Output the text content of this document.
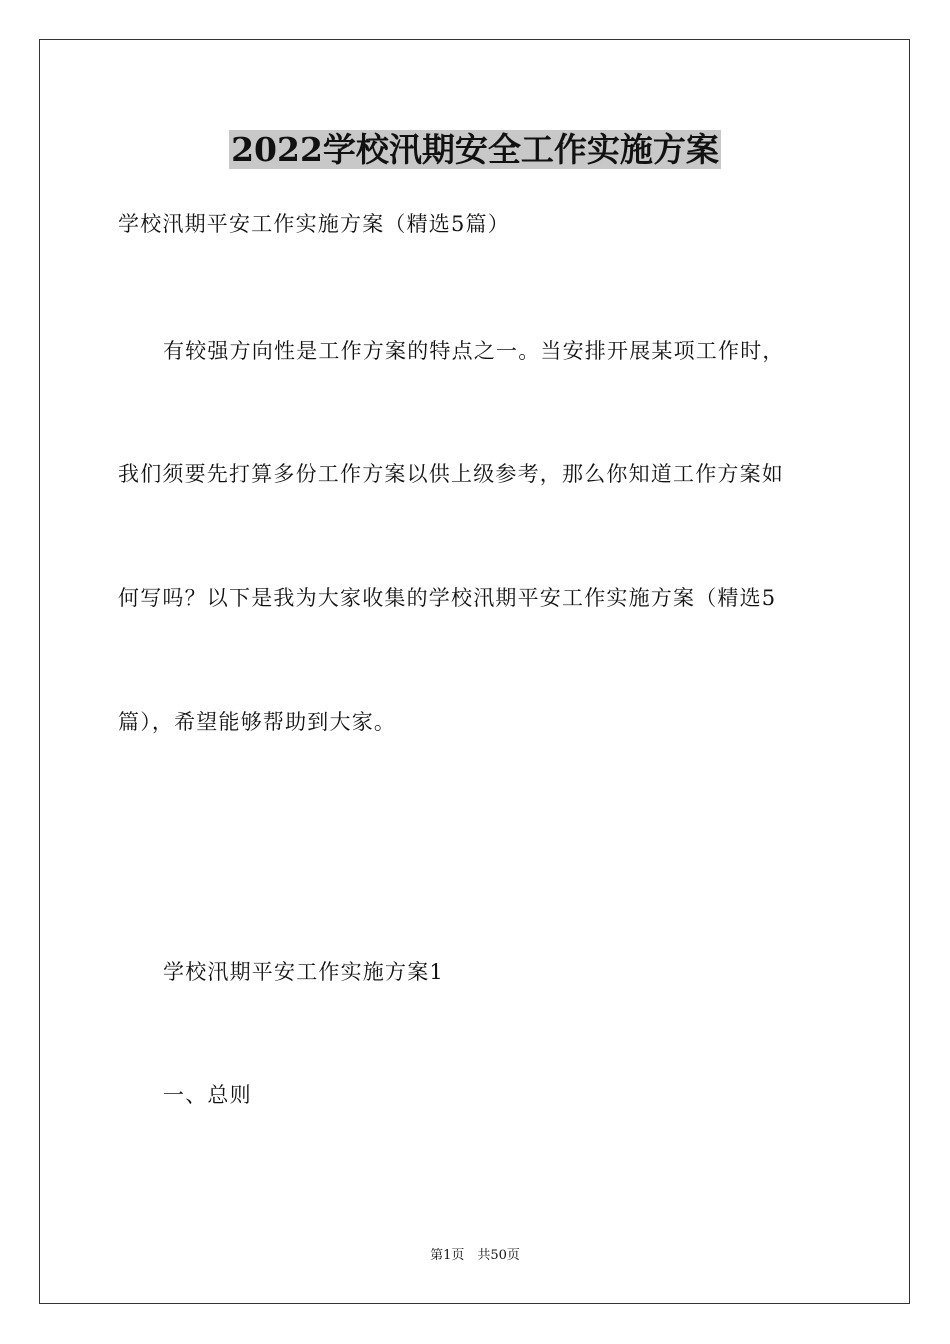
2022学校汛期安全工作实施方案
学校汛期平安工作实施方案（精选5篇）
有较强方向性是工作方案的特点之一。当安排开展某项工作时，
我们须要先打算多份工作方案以供上级参考，那么你知道工作方案如
何写吗？以下是我为大家收集的学校汛期平安工作实施方案（精选5
篇），希望能够帮助到大家。
学校汛期平安工作实施方案1
一、总则
第1页　共50页
